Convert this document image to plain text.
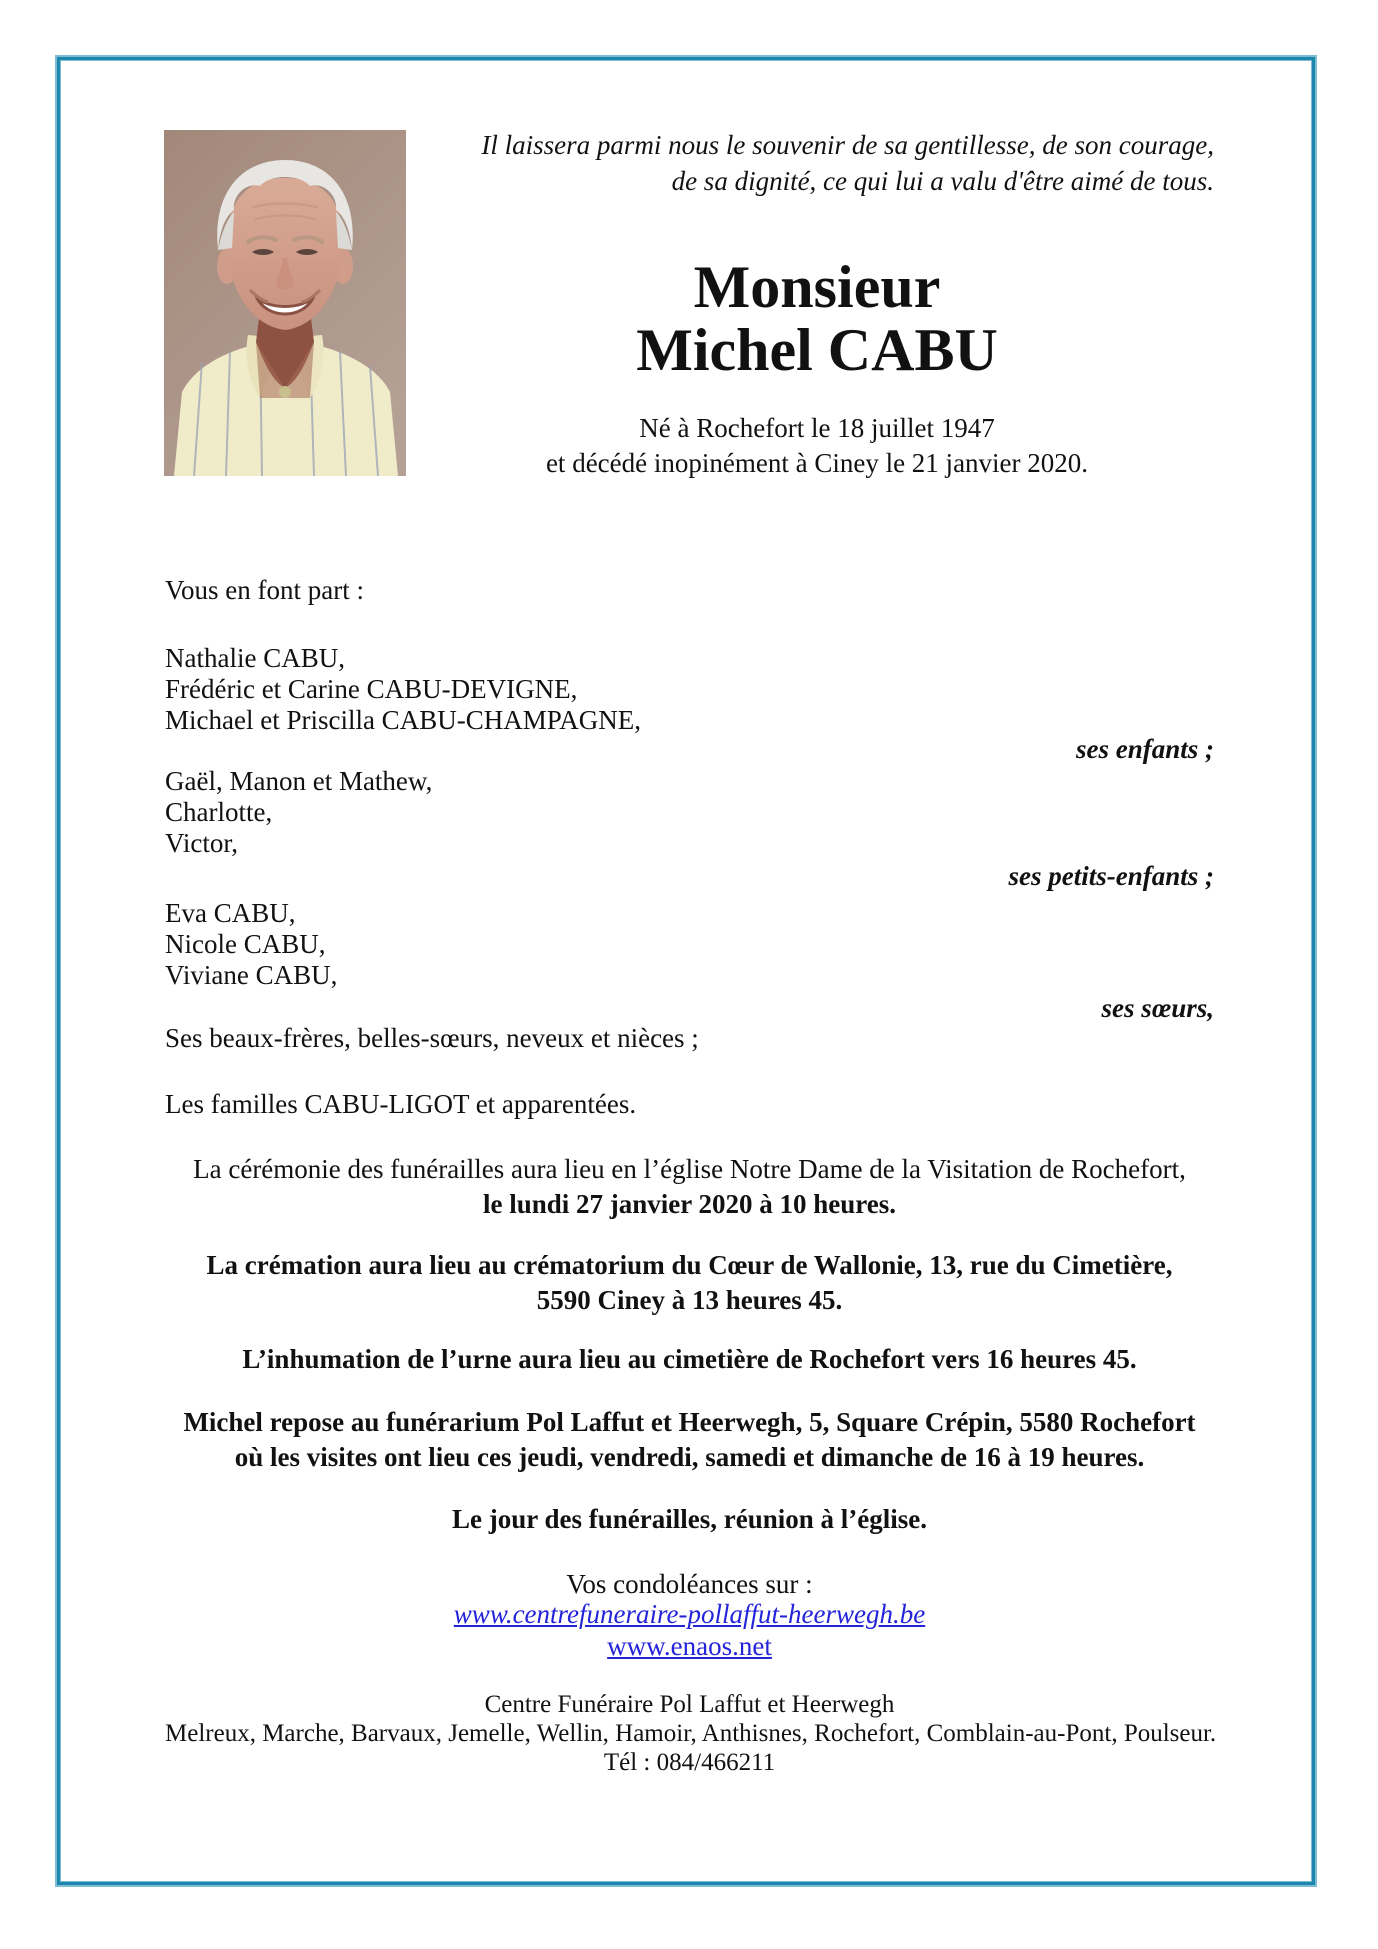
Il laissera parmi nous le souvenir de sa gentillesse, de son courage,
de sa dignité, ce qui lui a valu d'être aimé de tous.
Monsieur
Michel CABU
Né à Rochefort le 18 juillet 1947
et décédé inopinément à Ciney le 21 janvier 2020.
Vous en font part :
Nathalie CABU,
Frédéric et Carine CABU-DEVIGNE,
Michael et Priscilla CABU-CHAMPAGNE,
ses enfants ;
Gaël, Manon et Mathew,
Charlotte,
Victor,
ses petits-enfants ;
Eva CABU,
Nicole CABU,
Viviane CABU,
ses sœurs,
Ses beaux-frères, belles-sœurs, neveux et nièces ;
Les familles CABU-LIGOT et apparentées.
La cérémonie des funérailles aura lieu en l’église Notre Dame de la Visitation de Rochefort,
le lundi 27 janvier 2020 à 10 heures.
La crémation aura lieu au crématorium du Cœur de Wallonie, 13, rue du Cimetière,
5590 Ciney à 13 heures 45.
L’inhumation de l’urne aura lieu au cimetière de Rochefort vers 16 heures 45.
Michel repose au funérarium Pol Laffut et Heerwegh, 5, Square Crépin, 5580 Rochefort
où les visites ont lieu ces jeudi, vendredi, samedi et dimanche de 16 à 19 heures.
Le jour des funérailles, réunion à l’église.
Vos condoléances sur :
www.centrefuneraire-pollaffut-heerwegh.be
www.enaos.net
Centre Funéraire Pol Laffut et Heerwegh
Melreux, Marche, Barvaux, Jemelle, Wellin, Hamoir, Anthisnes, Rochefort, Comblain-au-Pont, Poulseur.
Tél : 084/466211
